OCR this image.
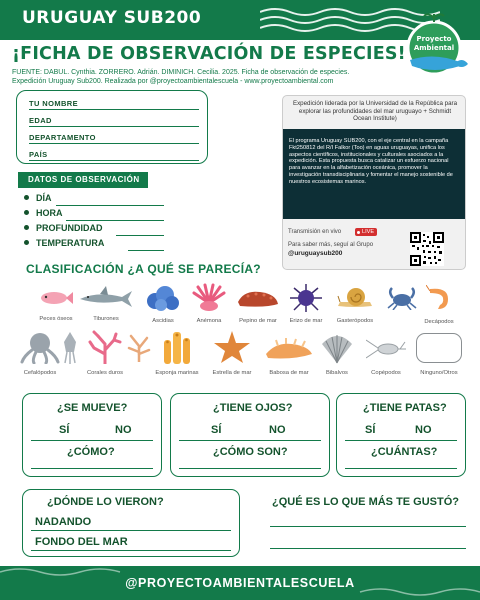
URUGUAY SUB200
Proyecto Ambiental
¡FICHA DE OBSERVACIÓN DE ESPECIES!
FUENTE: DABUL. Cynthia. ZORRERO. Adrián. DIMINICH. Cecilia. 2025. Ficha de observación de especies. Expedición Uruguay Sub200. Realizada por @proyectoambientalescuela - www.proyectoambiental.com
TU NOMBRE
EDAD
DEPARTAMENTO
PAÍS
DATOS DE OBSERVACIÓN
DÍA
HORA
PROFUNDIDAD
TEMPERATURA
Expedición liderada por la Universidad de la República para explorar las profundidades del mar uruguayo + Schmidt Ocean Institute)
El programa Uruguay SUB200, con el eje central en la campaña Fkt250812 del R/I Falkor (Too) en aguas uruguayas, unifica los aspectos científicos, institucionales y culturales asociados a la expedición. Esta propuesta busca catalizar un esfuerzo nacional para avanzar en la alfabetización oceánica, promover la investigación transdisciplinaria y fomentar el manejo sostenible de nuestros ecosistemas marinos.
Transmisión en vivo	LIVE
Para saber más, seguí al Grupo
@uruguaysub200
CLASIFICACIÓN ¿A QUÉ SE PARECÍA?
Peces óseos	Tiburones	Ascidias	Anémona	Pepino de mar	Erizo de mar	Gasterópodos	Decápodos
Cefalópodos	Corales duros	Esponja marinas	Estrella de mar	Babosa de mar	Bibalvos	Copépodos	Ninguno/Otros
¿SE MUEVE?
SÍ	NO
¿CÓMO?
¿TIENE OJOS?
SÍ	NO
¿CÓMO SON?
¿TIENE PATAS?
SÍ	NO
¿CUÁNTAS?
¿DÓNDE LO VIERON?
NADANDO
FONDO DEL MAR
¿QUÉ ES LO QUE MÁS TE GUSTÓ?
@PROYECTOAMBIENTALESCUELA
